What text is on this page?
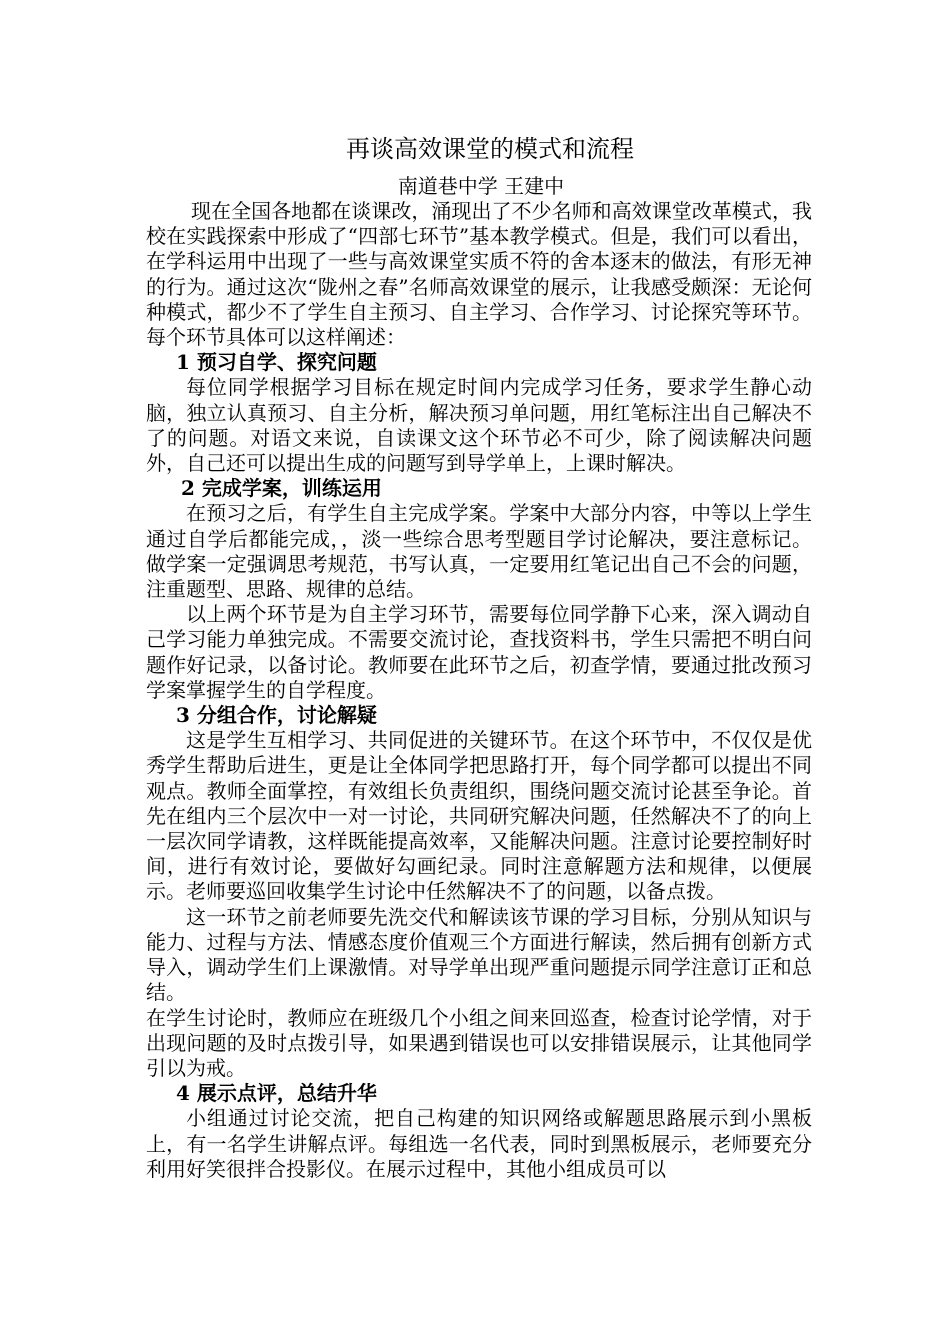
再谈高效课堂的模式和流程
南道巷中学 王建中

现在全国各地都在谈课改，涌现出了不少名师和高效课堂改革模式，我校在实践探索中形成了“四部七环节”基本教学模式。但是，我们可以看出，在学科运用中出现了一些与高效课堂实质不符的舍本逐末的做法，有形无神的行为。通过这次“陇州之春”名师高效课堂的展示，让我感受颇深：无论何种模式，都少不了学生自主预习、自主学习、合作学习、讨论探究等环节。每个环节具体可以这样阐述：

1 预习自学、探究问题

每位同学根据学习目标在规定时间内完成学习任务，要求学生静心动脑，独立认真预习、自主分析，解决预习单问题，用红笔标注出自己解决不了的问题。对语文来说，自读课文这个环节必不可少，除了阅读解决问题外，自己还可以提出生成的问题写到导学单上，上课时解决。

2 完成学案，训练运用

在预习之后，有学生自主完成学案。学案中大部分内容，中等以上学生通过自学后都能完成，，淡一些综合思考型题目学讨论解决，要注意标记。做学案一定强调思考规范，书写认真，一定要用红笔记出自己不会的问题，注重题型、思路、规律的总结。

以上两个环节是为自主学习环节，需要每位同学静下心来，深入调动自己学习能力单独完成。不需要交流讨论，查找资料书，学生只需把不明白问题作好记录，以备讨论。教师要在此环节之后，初查学情，要通过批改预习学案掌握学生的自学程度。

3 分组合作，讨论解疑

这是学生互相学习、共同促进的关键环节。在这个环节中，不仅仅是优秀学生帮助后进生，更是让全体同学把思路打开，每个同学都可以提出不同观点。教师全面掌控，有效组长负责组织，围绕问题交流讨论甚至争论。首先在组内三个层次中一对一讨论，共同研究解决问题，任然解决不了的向上一层次同学请教，这样既能提高效率，又能解决问题。注意讨论要控制好时间，进行有效讨论，要做好勾画纪录。同时注意解题方法和规律，以便展示。老师要巡回收集学生讨论中任然解决不了的问题，以备点拨。

这一环节之前老师要先洗交代和解读该节课的学习目标，分别从知识与能力、过程与方法、情感态度价值观三个方面进行解读，然后拥有创新方式导入，调动学生们上课激情。对导学单出现严重问题提示同学注意订正和总结。

在学生讨论时，教师应在班级几个小组之间来回巡查，检查讨论学情，对于出现问题的及时点拨引导，如果遇到错误也可以安排错误展示，让其他同学引以为戒。

4 展示点评，总结升华

小组通过讨论交流，把自己构建的知识网络或解题思路展示到小黑板上，有一名学生讲解点评。每组选一名代表，同时到黑板展示，老师要充分利用好笑很拌合投影仪。在展示过程中，其他小组成员可以
